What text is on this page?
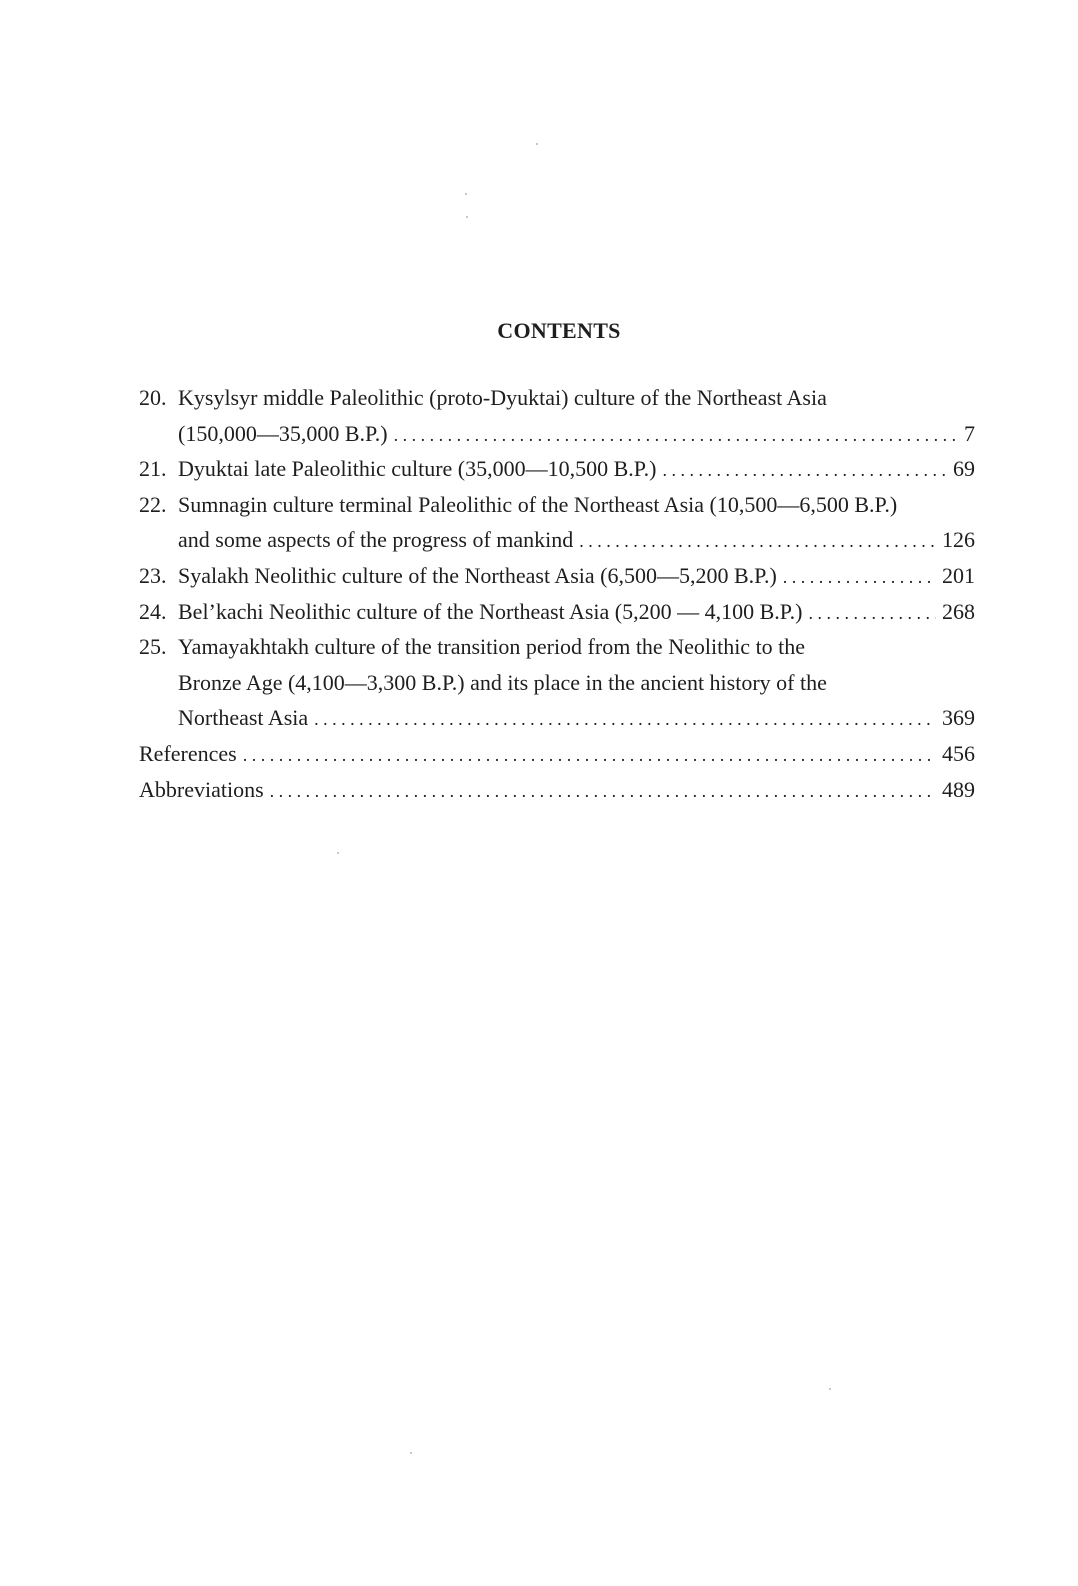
CONTENTS
20. Kysylsyr middle Paleolithic (proto-Dyuktai) culture of the Northeast Asia
(150,000—35,000 B.P.) . . .	7
21. Dyuktai late Paleolithic culture (35,000—10,500 B.P.) . . .	69
22. Sumnagin culture terminal Paleolithic of the Northeast Asia (10,500—6,500 B.P.)
and some aspects of the progress of mankind . . .	126
23. Syalakh Neolithic culture of the Northeast Asia (6,500—5,200 B.P.) . . .	201
24. Bel’kachi Neolithic culture of the Northeast Asia (5,200 — 4,100 B.P.) . . .	268
25. Yamayakhtakh culture of the transition period from the Neolithic to the
Bronze Age (4,100—3,300 B.P.) and its place in the ancient history of the
Northeast Asia . . .	369
References . . .	456
Abbreviations . . .	489
